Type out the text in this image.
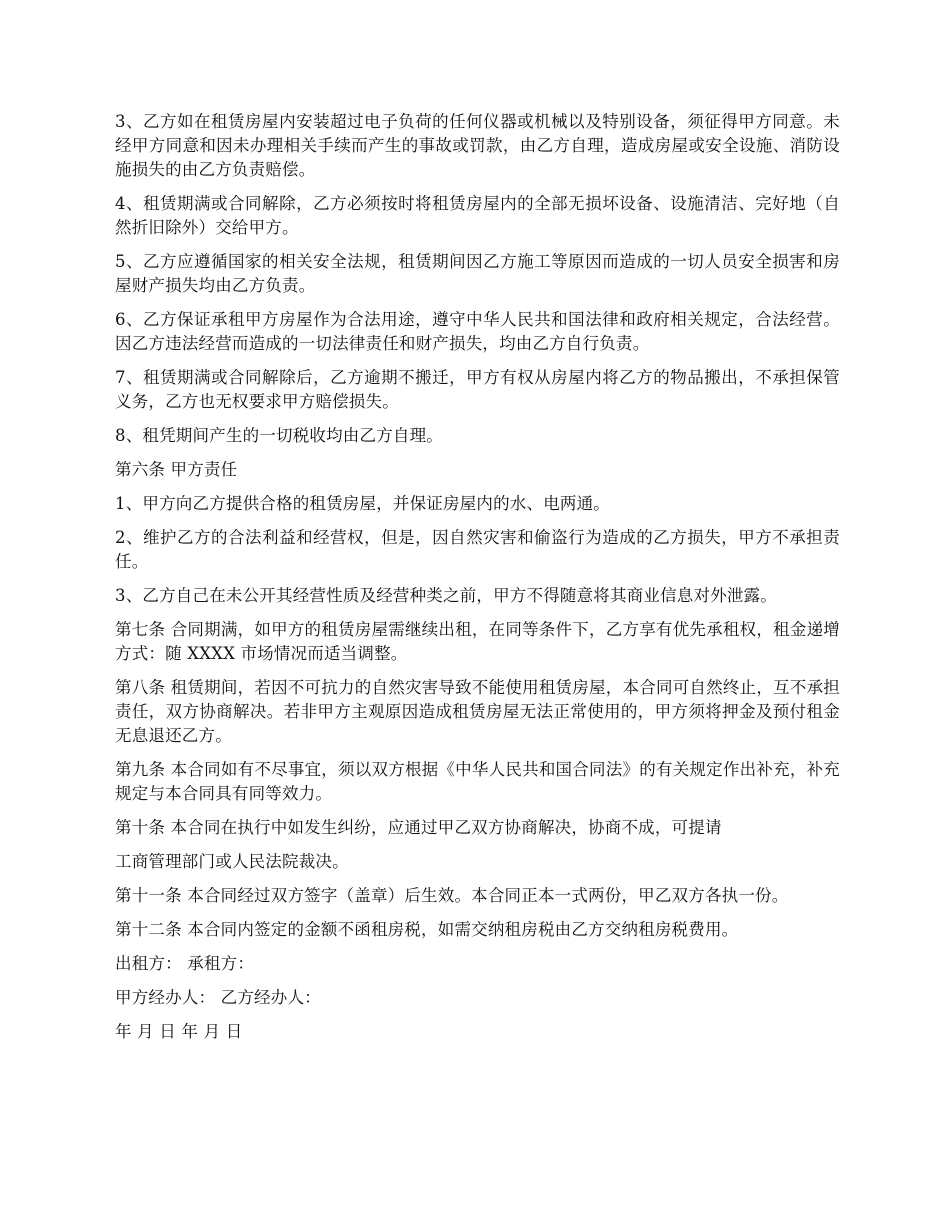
3、乙方如在租赁房屋内安装超过电子负荷的任何仪器或机械以及特别设备，须征得甲方同意。未经甲方同意和因未办理相关手续而产生的事故或罚款，由乙方自理，造成房屋或安全设施、消防设施损失的由乙方负责赔偿。

4、租赁期满或合同解除，乙方必须按时将租赁房屋内的全部无损坏设备、设施清洁、完好地（自然折旧除外）交给甲方。

5、乙方应遵循国家的相关安全法规，租赁期间因乙方施工等原因而造成的一切人员安全损害和房屋财产损失均由乙方负责。

6、乙方保证承租甲方房屋作为合法用途，遵守中华人民共和国法律和政府相关规定，合法经营。因乙方违法经营而造成的一切法律责任和财产损失，均由乙方自行负责。

7、租赁期满或合同解除后，乙方逾期不搬迁，甲方有权从房屋内将乙方的物品搬出，不承担保管义务，乙方也无权要求甲方赔偿损失。

8、租凭期间产生的一切税收均由乙方自理。

第六条 甲方责任

1、甲方向乙方提供合格的租赁房屋，并保证房屋内的水、电两通。

2、维护乙方的合法利益和经营权，但是，因自然灾害和偷盗行为造成的乙方损失，甲方不承担责任。

3、乙方自己在未公开其经营性质及经营种类之前，甲方不得随意将其商业信息对外泄露。

第七条 合同期满，如甲方的租赁房屋需继续出租，在同等条件下，乙方享有优先承租权，租金递增方式：随 XXXX 市场情况而适当调整。

第八条 租赁期间，若因不可抗力的自然灾害导致不能使用租赁房屋，本合同可自然终止，互不承担责任，双方协商解决。若非甲方主观原因造成租赁房屋无法正常使用的，甲方须将押金及预付租金无息退还乙方。

第九条 本合同如有不尽事宜，须以双方根据《中华人民共和国合同法》的有关规定作出补充，补充规定与本合同具有同等效力。

第十条 本合同在执行中如发生纠纷，应通过甲乙双方协商解决，协商不成，可提请

工商管理部门或人民法院裁决。

第十一条 本合同经过双方签字（盖章）后生效。本合同正本一式两份，甲乙双方各执一份。

第十二条 本合同内签定的金额不函租房税，如需交纳租房税由乙方交纳租房税费用。

出租方： 承租方：

甲方经办人： 乙方经办人：

年 月 日 年 月 日
